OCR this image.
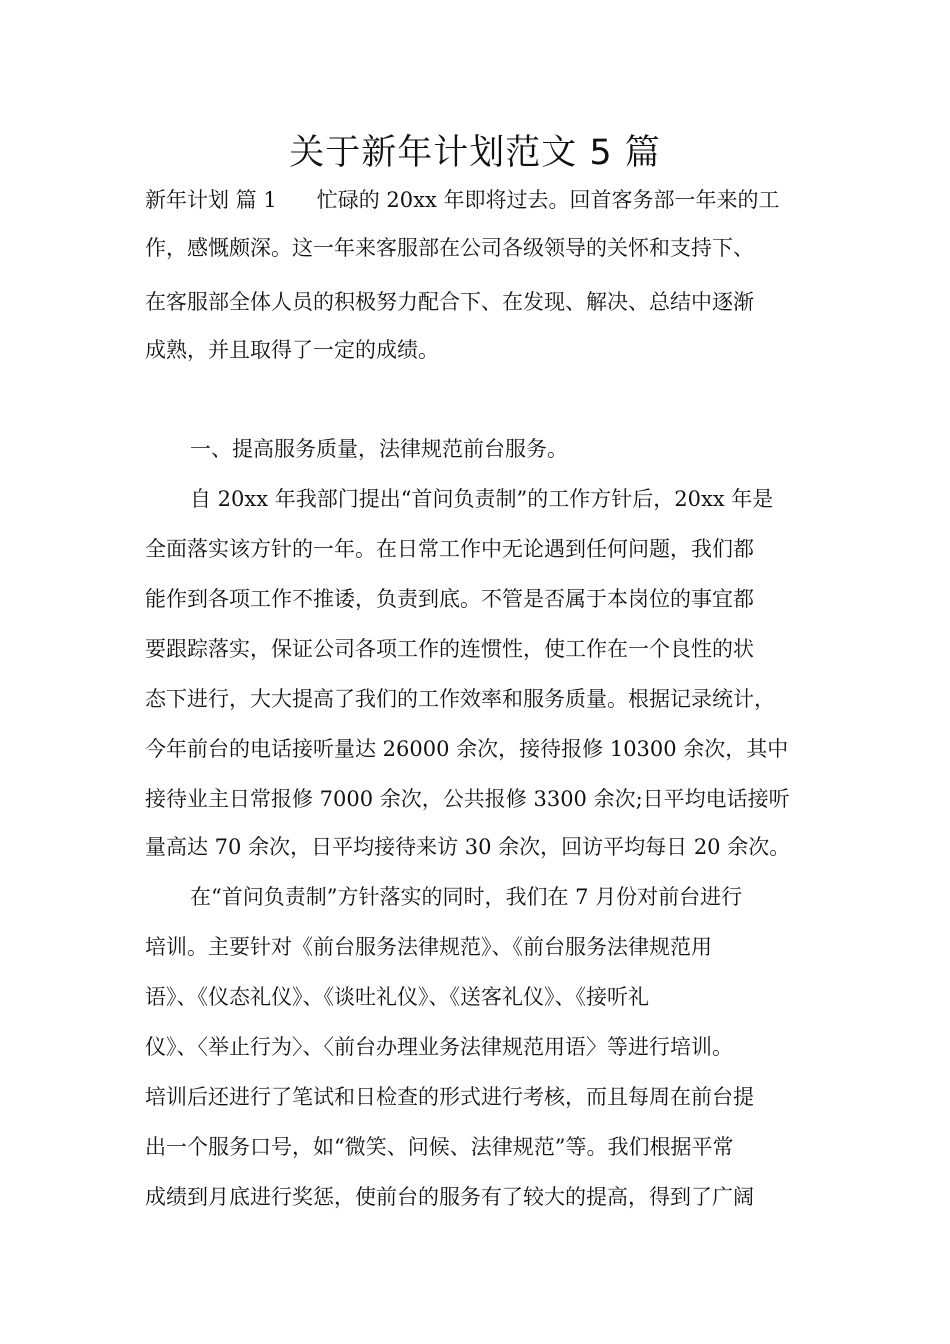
关于新年计划范文 5 篇
新年计划 篇 1 忙碌的 20xx 年即将过去。回首客务部一年来的工
作，感慨颇深。这一年来客服部在公司各级领导的关怀和支持下、
在客服部全体人员的积极努力配合下、在发现、解决、总结中逐渐
成熟，并且取得了一定的成绩。
一、提高服务质量，法律规范前台服务。
自 20xx 年我部门提出“首问负责制”的工作方针后，20xx 年是
全面落实该方针的一年。在日常工作中无论遇到任何问题，我们都
能作到各项工作不推诿，负责到底。不管是否属于本岗位的事宜都
要跟踪落实，保证公司各项工作的连惯性，使工作在一个良性的状
态下进行，大大提高了我们的工作效率和服务质量。根据记录统计，
今年前台的电话接听量达 26000 余次，接待报修 10300 余次，其中
接待业主日常报修 7000 余次，公共报修 3300 余次;日平均电话接听
量高达 70 余次，日平均接待来访 30 余次，回访平均每日 20 余次。
在“首问负责制”方针落实的同时，我们在 7 月份对前台进行
培训。主要针对《前台服务法律规范》、《前台服务法律规范用
语》、《仪态礼仪》、《谈吐礼仪》、《送客礼仪》、《接听礼
仪》、〈举止行为〉、〈前台办理业务法律规范用语〉等进行培训。
培训后还进行了笔试和日检查的形式进行考核，而且每周在前台提
出一个服务口号，如“微笑、问候、法律规范”等。我们根据平常
成绩到月底进行奖惩，使前台的服务有了较大的提高，得到了广阔
